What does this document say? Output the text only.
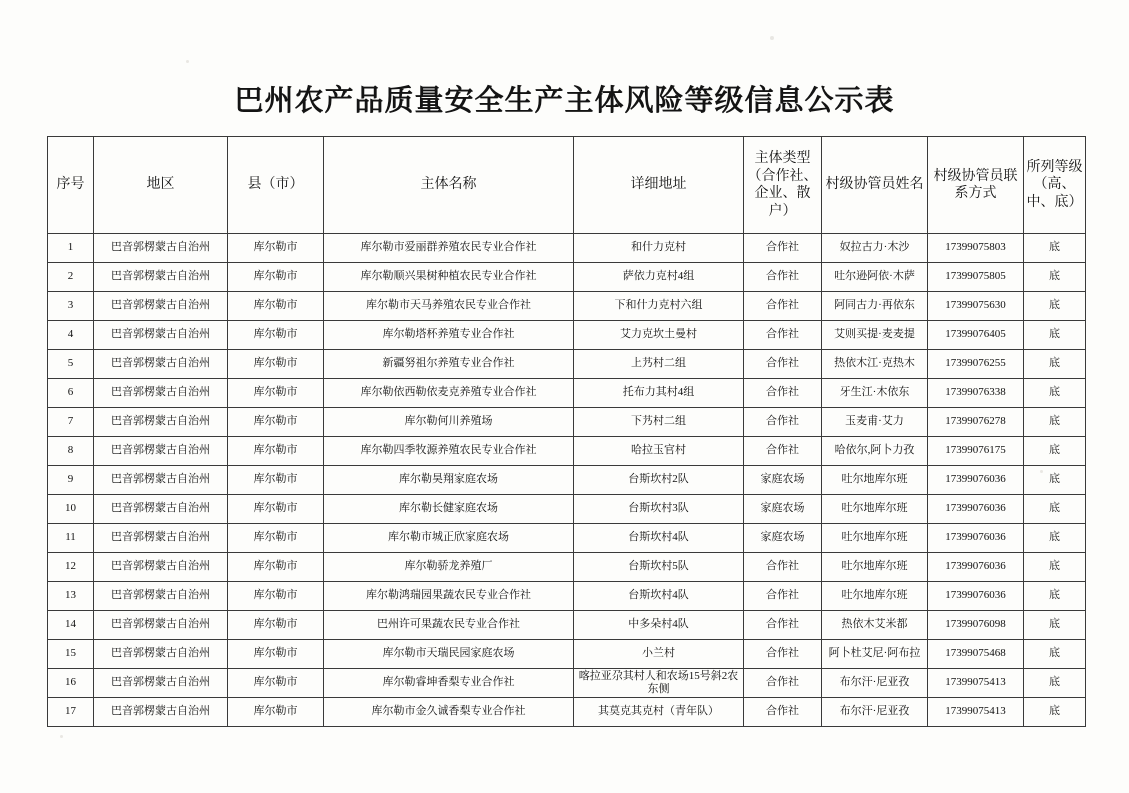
巴州农产品质量安全生产主体风险等级信息公示表
序号	地区	县（市）	主体名称	详细地址	主体类型（合作社、企业、散户）	村级协管员姓名	村级协管员联系方式	所列等级（高、中、底）
1	巴音郭楞蒙古自治州	库尔勒市	库尔勒市爱丽群养殖农民专业合作社	和什力克村	合作社	奴拉古力·木沙	17399075803	底
2	巴音郭楞蒙古自治州	库尔勒市	库尔勒顺兴果树种植农民专业合作社	萨依力克村4组	合作社	吐尔逊阿依·木萨	17399075805	底
3	巴音郭楞蒙古自治州	库尔勒市	库尔勒市天马养殖农民专业合作社	下和什力克村六组	合作社	阿同古力·再依东	17399075630	底
4	巴音郭楞蒙古自治州	库尔勒市	库尔勒塔杯养殖专业合作社	艾力克坎土曼村	合作社	艾则买提·麦麦提	17399076405	底
5	巴音郭楞蒙古自治州	库尔勒市	新疆努祖尔养殖专业合作社	上艿村二组	合作社	热依木江·克热木	17399076255	底
6	巴音郭楞蒙古自治州	库尔勒市	库尔勒依西勒依麦克养殖专业合作社	托布力其村4组	合作社	牙生江·木依东	17399076338	底
7	巴音郭楞蒙古自治州	库尔勒市	库尔勒何川养殖场	下艿村二组	合作社	玉麦甫·艾力	17399076278	底
8	巴音郭楞蒙古自治州	库尔勒市	库尔勒四季牧源养殖农民专业合作社	哈拉玉官村	合作社	哈依尔,阿卜力孜	17399076175	底
9	巴音郭楞蒙古自治州	库尔勒市	库尔勒昊翔家庭农场	台斯坎村2队	家庭农场	吐尔地库尔班	17399076036	底
10	巴音郭楞蒙古自治州	库尔勒市	库尔勒长健家庭农场	台斯坎村3队	家庭农场	吐尔地库尔班	17399076036	底
11	巴音郭楞蒙古自治州	库尔勒市	库尔勒市城正欣家庭农场	台斯坎村4队	家庭农场	吐尔地库尔班	17399076036	底
12	巴音郭楞蒙古自治州	库尔勒市	库尔勒骄龙养殖厂	台斯坎村5队	合作社	吐尔地库尔班	17399076036	底
13	巴音郭楞蒙古自治州	库尔勒市	库尔勒鸿瑞园果蔬农民专业合作社	台斯坎村4队	合作社	吐尔地库尔班	17399076036	底
14	巴音郭楞蒙古自治州	库尔勒市	巴州许可果蔬农民专业合作社	中多朵村4队	合作社	热依木艾米都	17399076098	底
15	巴音郭楞蒙古自治州	库尔勒市	库尔勒市天瑞民园家庭农场	小兰村	合作社	阿卜杜艾尼·阿布拉	17399075468	底
16	巴音郭楞蒙古自治州	库尔勒市	库尔勒睿坤香梨专业合作社	喀拉亚尕其村人和农场15号斜2农东侧	合作社	布尔汗·尼亚孜	17399075413	底
17	巴音郭楞蒙古自治州	库尔勒市	库尔勒市金久诚香梨专业合作社	其莫克其克村（青年队）	合作社	布尔汗·尼亚孜	17399075413	底
